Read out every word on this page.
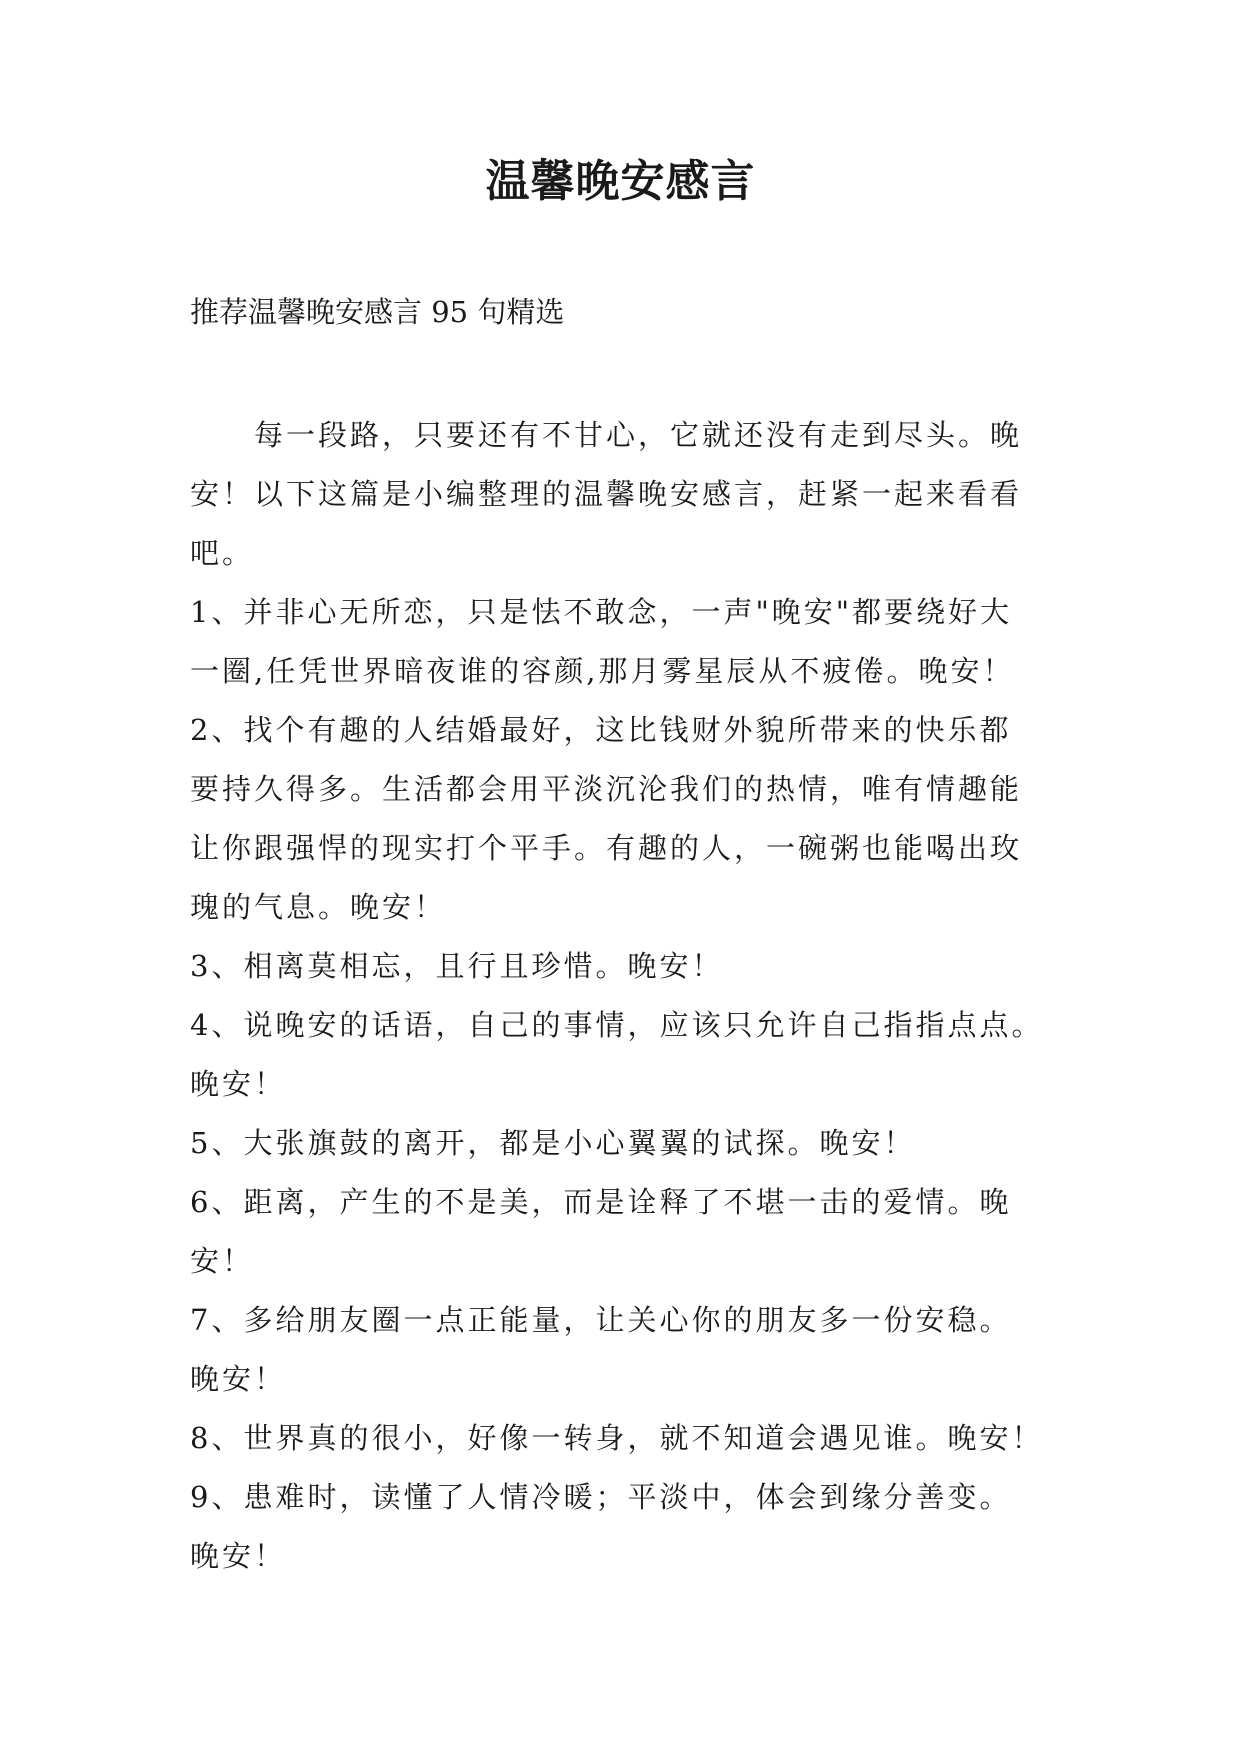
温馨晚安感言
推荐温馨晚安感言 95 句精选
　　每一段路，只要还有不甘心，它就还没有走到尽头。晚
安！以下这篇是小编整理的温馨晚安感言，赶紧一起来看看
吧。
1、并非心无所恋，只是怯不敢念，一声"晚安"都要绕好大
一圈,任凭世界暗夜谁的容颜,那月雾星辰从不疲倦。晚安！
2、找个有趣的人结婚最好，这比钱财外貌所带来的快乐都
要持久得多。生活都会用平淡沉沦我们的热情，唯有情趣能
让你跟强悍的现实打个平手。有趣的人，一碗粥也能喝出玫
瑰的气息。晚安！
3、相离莫相忘，且行且珍惜。晚安！
4、说晚安的话语，自己的事情，应该只允许自己指指点点。
晚安！
5、大张旗鼓的离开，都是小心翼翼的试探。晚安！
6、距离，产生的不是美，而是诠释了不堪一击的爱情。晚
安！
7、多给朋友圈一点正能量，让关心你的朋友多一份安稳。
晚安！
8、世界真的很小，好像一转身，就不知道会遇见谁。晚安！
9、患难时，读懂了人情冷暖；平淡中，体会到缘分善变。
晚安！
